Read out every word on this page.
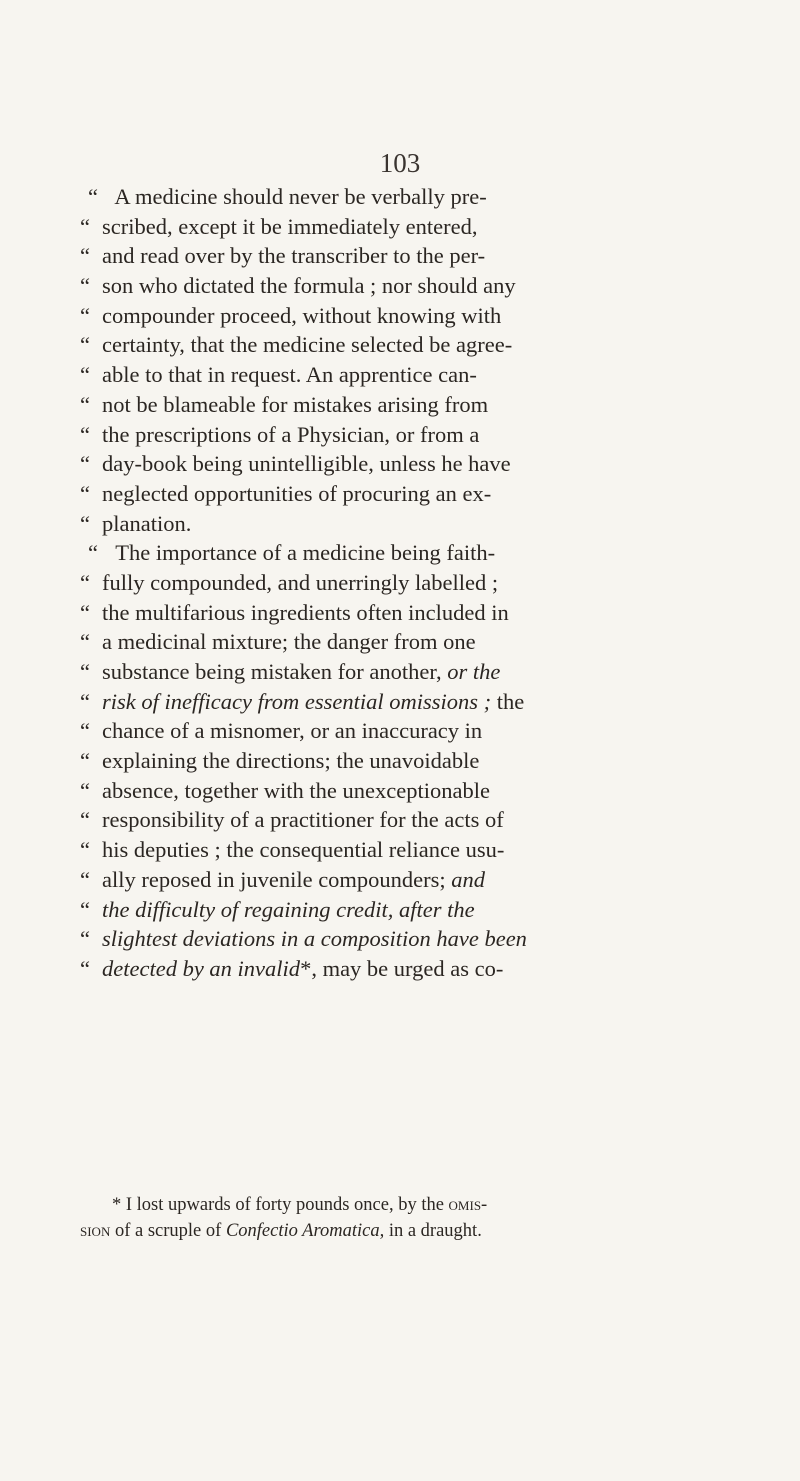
103
“ A medicine should never be verbally pre-
“ scribed, except it be immediately entered,
“ and read over by the transcriber to the per-
“ son who dictated the formula ; nor should any
“ compounder proceed, without knowing with
“ certainty, that the medicine selected be agree-
“ able to that in request. An apprentice can-
“ not be blameable for mistakes arising from
“ the prescriptions of a Physician, or from a
“ day-book being unintelligible, unless he have
“ neglected opportunities of procuring an ex-
“ planation.
“ The importance of a medicine being faith-
“ fully compounded, and unerringly labelled ;
“ the multifarious ingredients often included in
“ a medicinal mixture; the danger from one
“ substance being mistaken for another, or the
“ risk of inefficacy from essential omissions ; the
“ chance of a misnomer, or an inaccuracy in
“ explaining the directions; the unavoidable
“ absence, together with the unexceptionable
“ responsibility of a practitioner for the acts of
“ his deputies ; the consequential reliance usu-
“ ally reposed in juvenile compounders; and
“ the difficulty of regaining credit, after the
“ slightest deviations in a composition have been
“ detected by an invalid*, may be urged as co-
* I lost upwards of forty pounds once, by the omis-
sion of a scruple of Confectio Aromatica, in a draught.
